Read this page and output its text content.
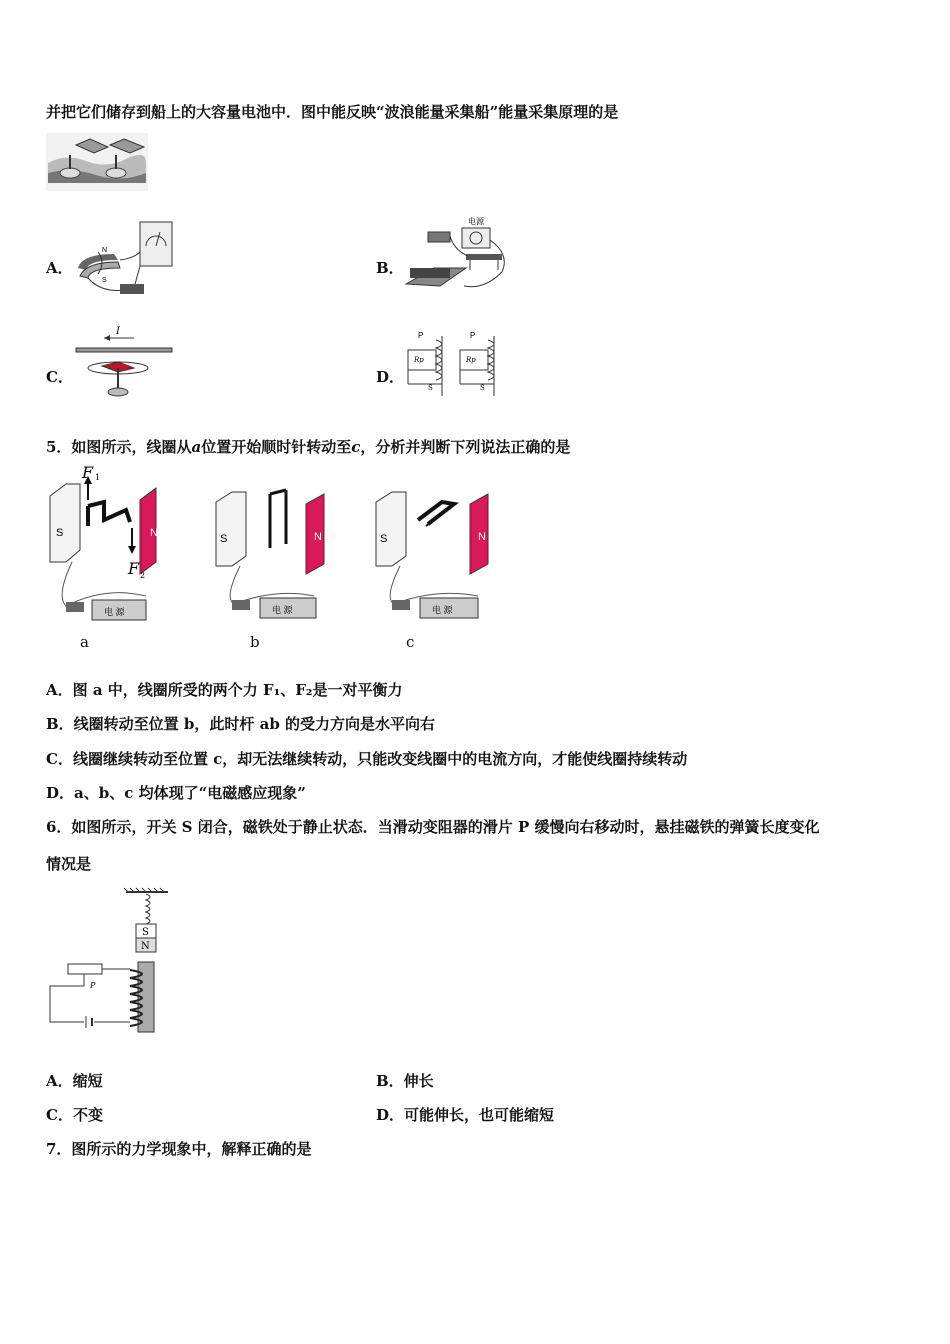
并把它们储存到船上的大容量电池中．图中能反映“波浪能量采集船”能量采集原理的是
A．
N
S
B．
电源
C．
I
D．
P
Rp
S
P
Rp
S
5．如图所示，线圈从a位置开始顺时针转动至c，分析并判断下列说法正确的是
S	N
F 1
F 2
电 源
a
S	N
电 源
b
S	N
电 源
c
A．图 a 中，线圈所受的两个力 F₁、F₂是一对平衡力
B．线圈转动至位置 b，此时杆 ab 的受力方向是水平向右
C．线圈继续转动至位置 c，却无法继续转动，只能改变线圈中的电流方向，才能使线圈持续转动
D．a、b、c 均体现了“电磁感应现象”
6．如图所示，开关 S 闭合，磁铁处于静止状态．当滑动变阻器的滑片 P 缓慢向右移动时，悬挂磁铁的弹簧长度变化
情况是
S
N
P
A．缩短	B．伸长
C．不变	D．可能伸长，也可能缩短
7．图所示的力学现象中，解释正确的是
